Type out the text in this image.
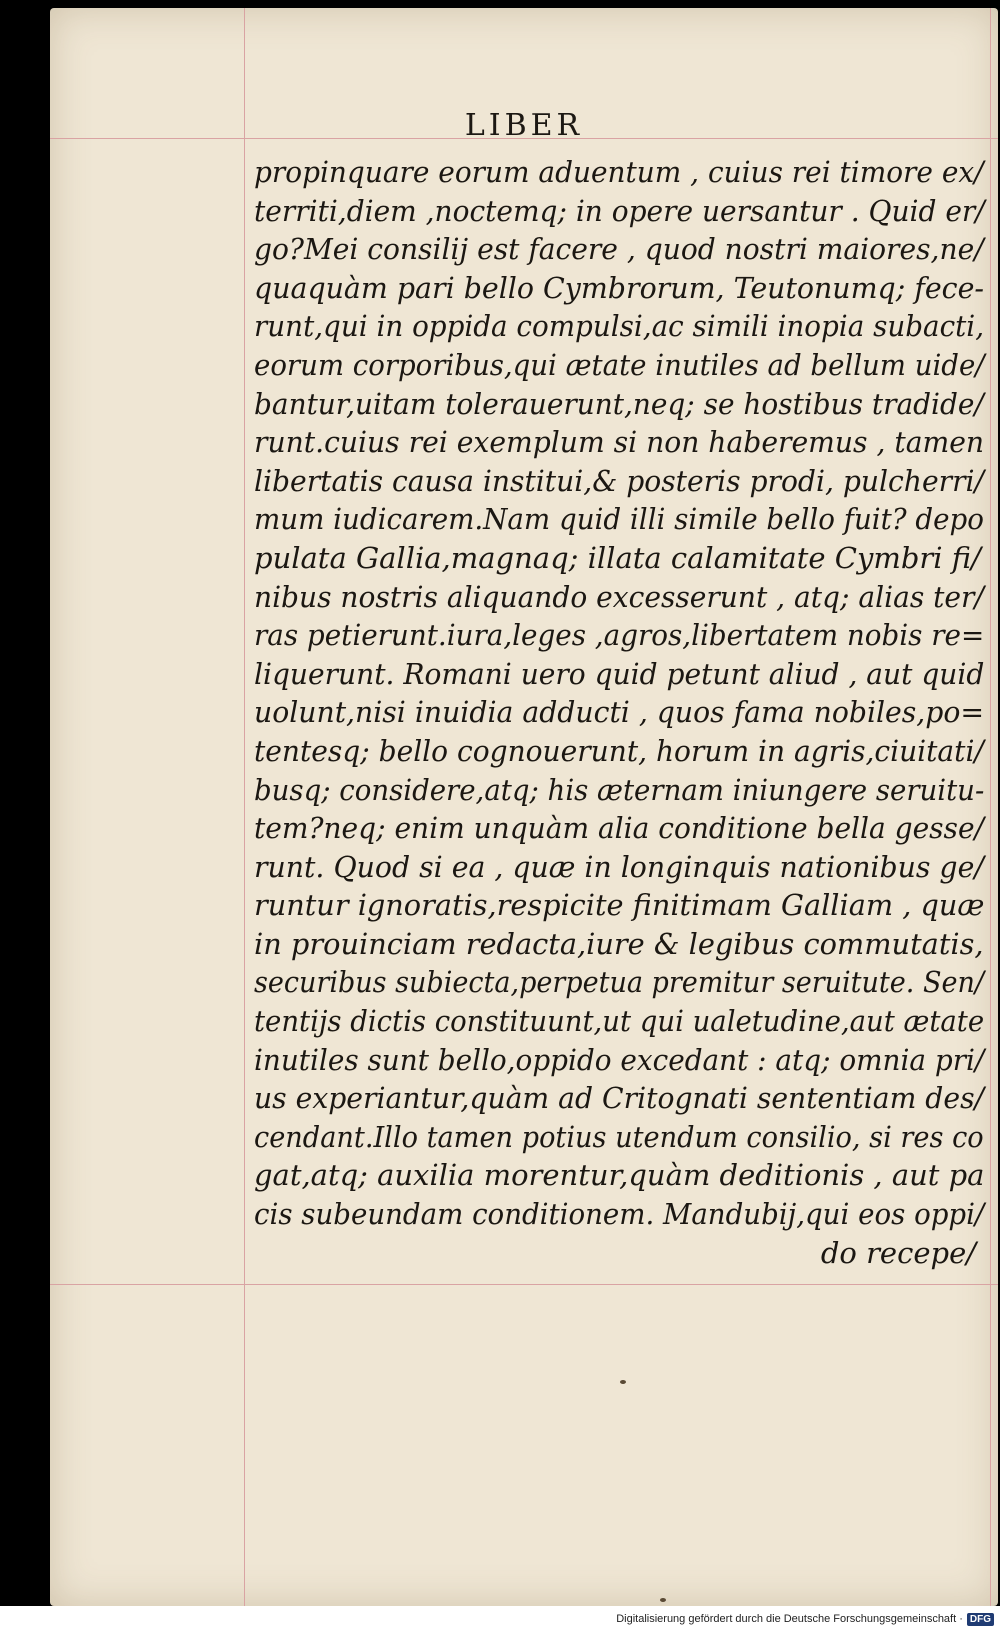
LIBER
propinquare eorum aduentum , cuius rei timore ex/
territi,diem ,noctemq; in opere uersantur . Quid er/
go?Mei consilij est facere , quod nostri maiores,ne/
quaquàm pari bello Cymbrorum, Teutonumq; fece-
runt,qui in oppida compulsi,ac simili inopia subacti,
eorum corporibus,qui ætate inutiles ad bellum uide/
bantur,uitam tolerauerunt,neq; se hostibus tradide/
runt.cuius rei exemplum si non haberemus , tamen
libertatis causa institui,& posteris prodi, pulcherri/
mum iudicarem.Nam quid illi simile bello fuit? depo
pulata Gallia,magnaq; illata calamitate Cymbri fi/
nibus nostris aliquando excesserunt , atq; alias ter/
ras petierunt.iura,leges ,agros,libertatem nobis re=
liquerunt. Romani uero quid petunt aliud , aut quid
uolunt,nisi inuidia adducti , quos fama nobiles,po=
tentesq; bello cognouerunt, horum in agris,ciuitati/
busq; considere,atq; his æternam iniungere seruitu-
tem?neq; enim unquàm alia conditione bella gesse/
runt. Quod si ea , quæ in longinquis nationibus ge/
runtur ignoratis,respicite finitimam Galliam , quæ
in prouinciam redacta,iure & legibus commutatis,
securibus subiecta,perpetua premitur seruitute. Sen/
tentijs dictis constituunt,ut qui ualetudine,aut ætate
inutiles sunt bello,oppido excedant : atq; omnia pri/
us experiantur,quàm ad Critognati sententiam des/
cendant.Illo tamen potius utendum consilio, si res co
gat,atq; auxilia morentur,quàm deditionis , aut pa
cis subeundam conditionem. Mandubij,qui eos oppi/
do recepe/
Digitalisierung gefördert durch die Deutsche Forschungsgemeinschaft · DFG
